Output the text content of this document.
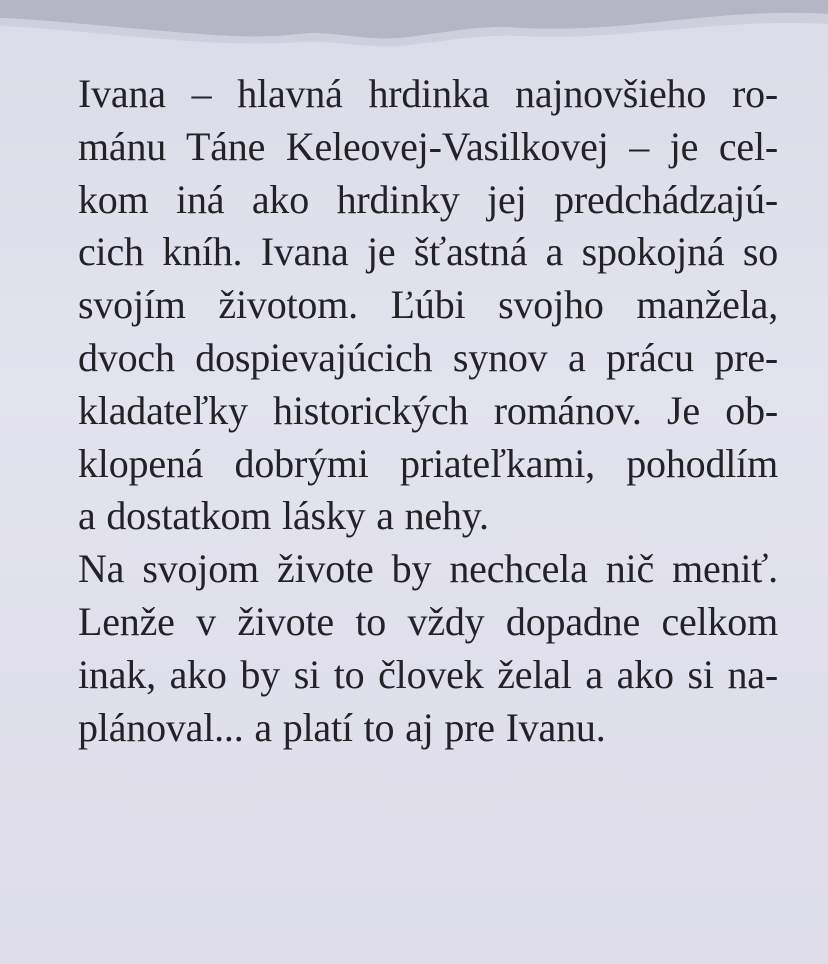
Ivana – hlavná hrdinka najnovšieho ro-
mánu Táne Keleovej-Vasilkovej – je cel-
kom iná ako hrdinky jej predchádzajú-
cich kníh. Ivana je šťastná a spokojná so
svojím životom. Ľúbi svojho manžela,
dvoch dospievajúcich synov a prácu pre-
kladateľky historických románov. Je ob-
klopená dobrými priateľkami, pohodlím
a dostatkom lásky a nehy.
Na svojom živote by nechcela nič meniť.
Lenže v živote to vždy dopadne celkom
inak, ako by si to človek želal a ako si na-
plánoval... a platí to aj pre Ivanu.
